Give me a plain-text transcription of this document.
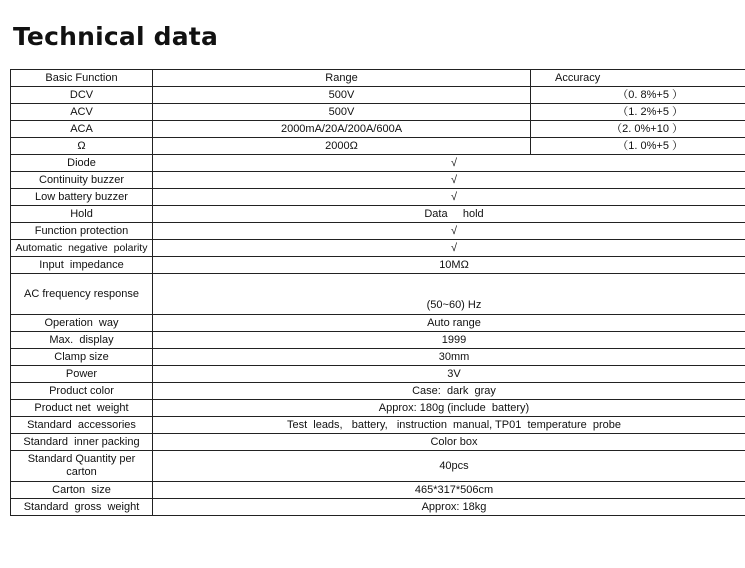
Technical data
Basic Function	Range	Accuracy
DCV	500V	（0. 8%+5 ）
ACV	500V	（1. 2%+5 ）
ACA	2000mA/20A/200A/600A	（2. 0%+10 ）
Ω	2000Ω	（1. 0%+5 ）
Diode	√	
Continuity buzzer	√	
Low battery buzzer	√	
Hold	Data     hold	
Function protection	√	
Automatic  negative  polarity	√	
Input  impedance	10MΩ	
AC frequency response	(50~60) Hz	
Operation  way	Auto range	
Max.  display	1999	
Clamp size	30mm	
Power	3V	
Product color	Case:  dark  gray	
Product net  weight	Approx: 180g (include  battery)	
Standard  accessories	Test  leads,   battery,   instruction  manual, TP01  temperature  probe	
Standard  inner packing	Color box	
Standard Quantity per carton	40pcs	
Carton  size	465*317*506cm	
Standard  gross  weight	Approx: 18kg	
